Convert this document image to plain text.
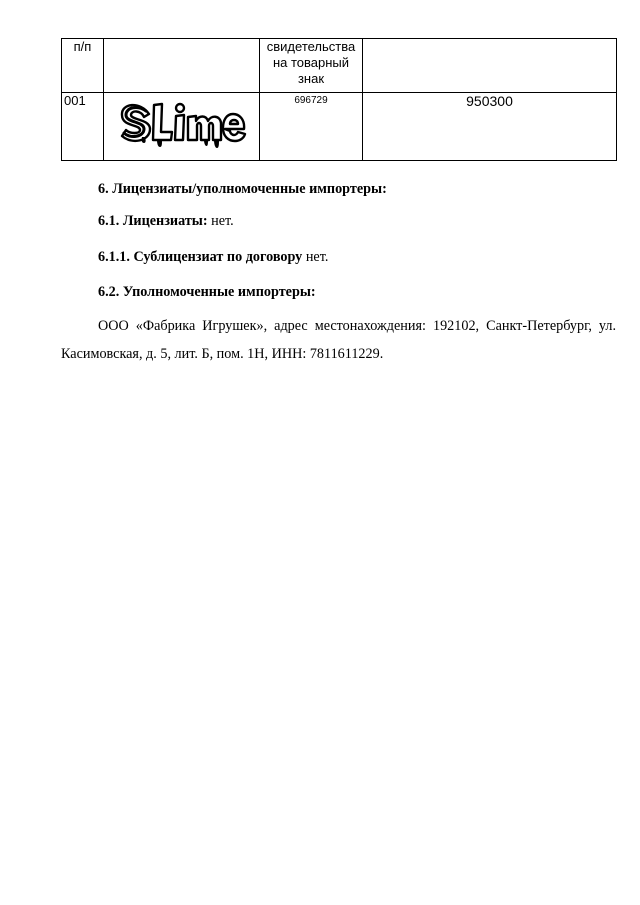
п/п		свидетельства на товарный знак	
001	Slime	696729	950300
6. Лицензиаты/уполномоченные импортеры:
6.1. Лицензиаты: нет.
6.1.1. Сублицензиат по договору нет.
6.2. Уполномоченные импортеры:
ООО «Фабрика Игрушек», адрес местонахождения: 192102, Санкт-Петербург, ул. Касимовская, д. 5, лит. Б, пом. 1Н, ИНН: 7811611229.
